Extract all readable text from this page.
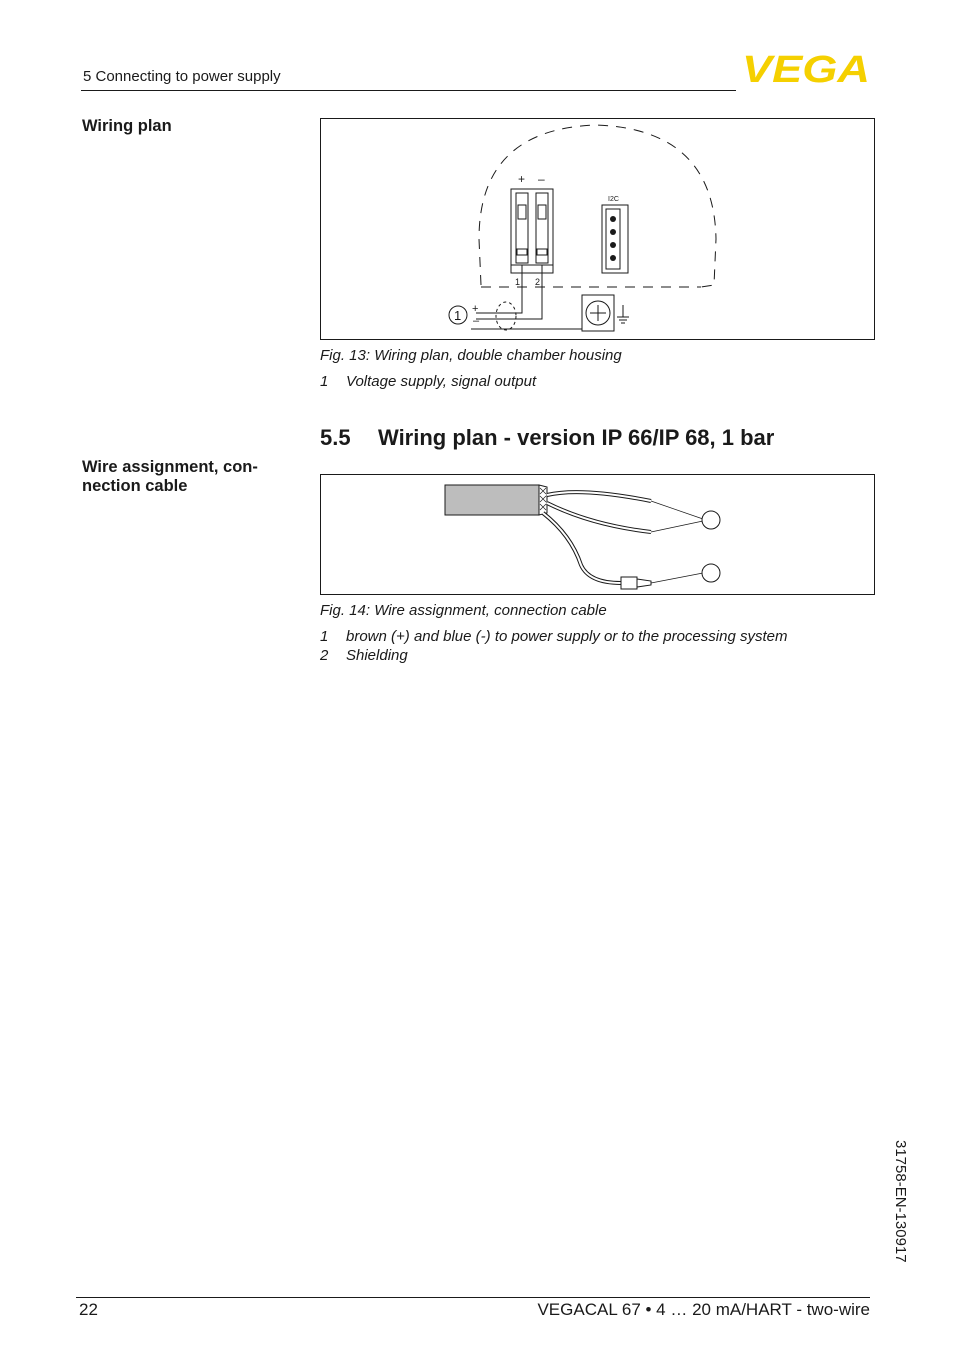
5 Connecting to power supply	VEGA
Wiring plan
Wire assignment, con-
nection cable
+ –
1 2
I2C
1 +
–
Fig. 13: Wiring plan, double chamber housing
1 Voltage supply, signal output
5.5 Wiring plan - version IP 66/IP 68, 1 bar
Fig. 14: Wire assignment, connection cable
1 brown (+) and blue (-) to power supply or to the processing system
2 Shielding
31758-EN-130917
22	VEGACAL 67 • 4 … 20 mA/HART - two-wire
